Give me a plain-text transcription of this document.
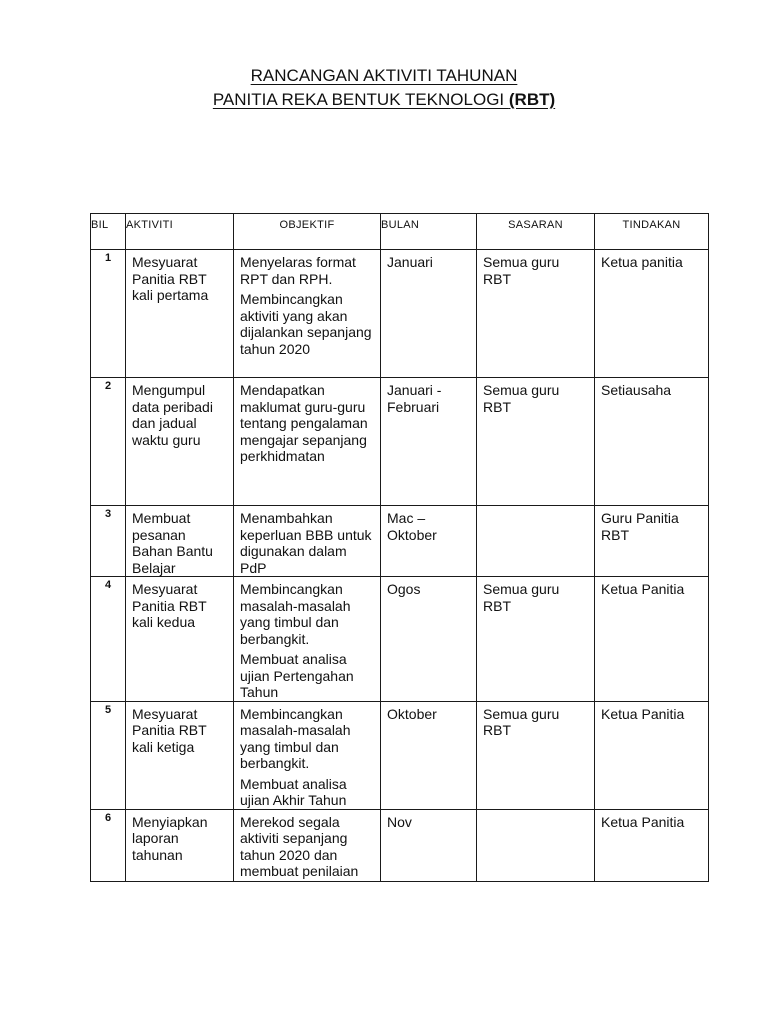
RANCANGAN AKTIVITI TAHUNAN
PANITIA REKA BENTUK TEKNOLOGI (RBT)
BIL	AKTIVITI	OBJEKTIF	BULAN	SASARAN	TINDAKAN
1	Mesyuarat Panitia RBT kali pertama	Menyelaras format RPT dan RPH.
Membincangkan aktiviti yang akan dijalankan sepanjang tahun 2020	Januari	Semua guru RBT	Ketua panitia

2	Mengumpul data peribadi dan jadual waktu guru	Mendapatkan maklumat guru-guru tentang pengalaman mengajar sepanjang perkhidmatan	Januari - Februari	Semua guru RBT	Setiausaha

3	Membuat pesanan Bahan Bantu Belajar	Menambahkan keperluan BBB untuk digunakan dalam PdP	Mac – Oktober		Guru Panitia RBT

4	Mesyuarat Panitia RBT kali kedua	Membincangkan masalah-masalah yang timbul dan berbangkit.
Membuat analisa ujian Pertengahan Tahun	Ogos	Semua guru RBT	Ketua Panitia

5	Mesyuarat Panitia RBT kali ketiga	Membincangkan masalah-masalah yang timbul dan berbangkit.
Membuat analisa ujian Akhir Tahun	Oktober	Semua guru RBT	Ketua Panitia

6	Menyiapkan laporan tahunan	Merekod segala aktiviti sepanjang tahun 2020 dan membuat penilaian	Nov		Ketua Panitia
